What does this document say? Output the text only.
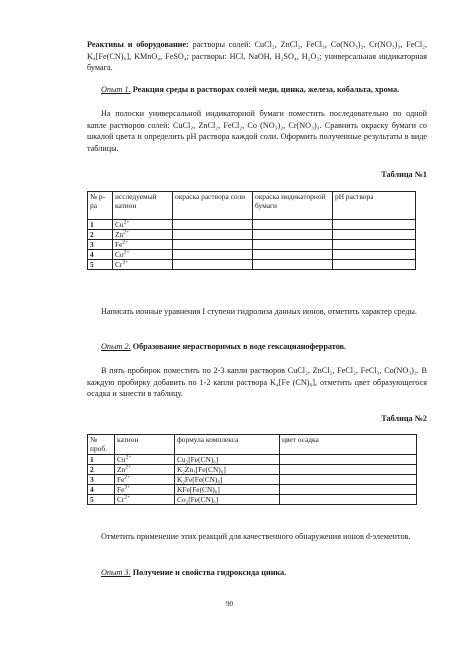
Реактивы и оборудование: растворы солей: CuCl₂, ZnCl₂, FeCl₃, Co(NO₃)₂, Cr(NO₃)₃, FeCl₂, K₄[Fe(CN)₆], KMnO₄, FeSO₄; растворы: HCl, NaOH, H₂SO₄, H₂O₂; универсальная индикаторная бумага.
Опыт 1. Реакция среды в растворах солей меди, цинка, железа, кобальта, хрома.
На полоски универсальной индикаторной бумаги поместить последовательно по одной капле растворов солей: CuCl₂, ZnCl₂, FeCl₂, Co (NO₃)₂, Cr(NO₃)₃. Сравнить окраску бумаги со шкалой цвета и определить pH раствора каждой соли. Оформить полученные результаты в виде таблицы.
Таблица №1
№ р-ра	исследуемый катион	окраска раствора соли	окраска индикаторной бумаги	pH раствора
1	$Cu^{2+}$			
2	$Zn^{2+}$			
3	$Fe^{2+}$			
4	$Co^{2+}$			
5	$Cr^{3+}$			
Написать ионные уравнения I ступени гидролиза данных ионов, отметить характер среды.
Опыт 2. Образование нерастворимых в воде гексацианоферратов.
В пять пробирок поместить по 2-3 капли растворов CuCl₂, ZnCl₂, FeCl₂, FeCl₃, Co(NO₃)₂. В каждую пробирку добавить по 1-2 капли раствора K₄[Fe (CN)₆], отметить цвет образующегося осадка и занести в таблицу.
Таблица №2
№ проб.	катион	формула комплекса	цвет осадка
1	$Cu^{2+}$	Cu₂[Fe(CN)₆]	
2	$Zn^{2+}$	K₂Zn₃[Fe(CN)₆]	
3	$Fe^{2+}$	K₂Fe[Fe(CN)₆]	
4	$Fe^{3+}$	KFe[Fe(CN)₆]	
5	$Cr^{2+}$	Co₂[Fe(CN)₆]	
Отметить применение этих реакций для качественного обнаружения ионов d-элементов.
Опыт 3. Получение и свойства гидроксида цинка.
90
